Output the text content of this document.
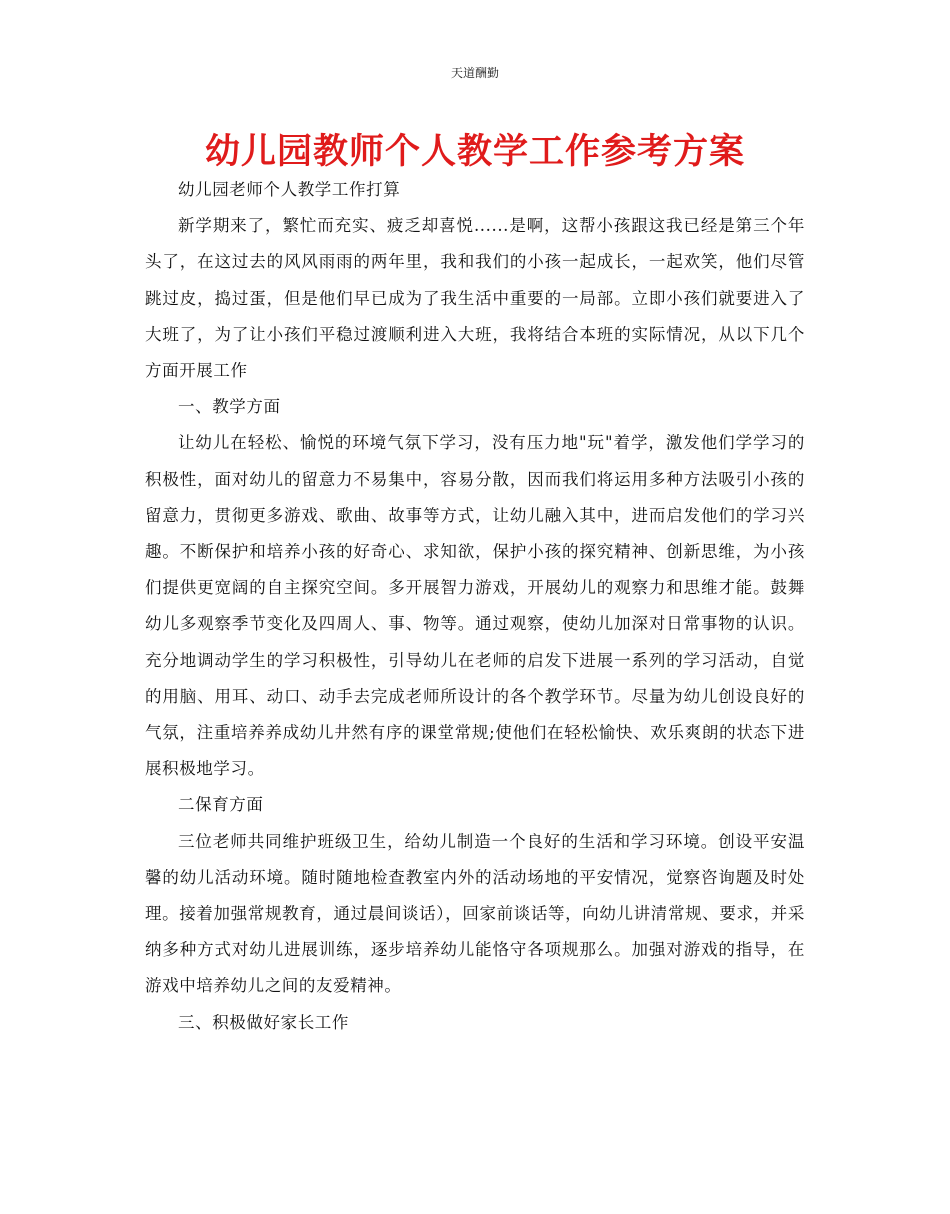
天道酬勤
幼儿园教师个人教学工作参考方案

幼儿园老师个人教学工作打算

新学期来了，繁忙而充实、疲乏却喜悦......是啊，这帮小孩跟这我已经是第三个年头了，在这过去的风风雨雨的两年里，我和我们的小孩一起成长，一起欢笑，他们尽管跳过皮，捣过蛋，但是他们早已成为了我生活中重要的一局部。立即小孩们就要进入了大班了，为了让小孩们平稳过渡顺利进入大班，我将结合本班的实际情况，从以下几个方面开展工作

一、教学方面

让幼儿在轻松、愉悦的环境气氛下学习，没有压力地"玩"着学，激发他们学学习的积极性，面对幼儿的留意力不易集中，容易分散，因而我们将运用多种方法吸引小孩的留意力，贯彻更多游戏、歌曲、故事等方式，让幼儿融入其中，进而启发他们的学习兴趣。不断保护和培养小孩的好奇心、求知欲，保护小孩的探究精神、创新思维，为小孩们提供更宽阔的自主探究空间。多开展智力游戏，开展幼儿的观察力和思维才能。鼓舞幼儿多观察季节变化及四周人、事、物等。通过观察，使幼儿加深对日常事物的认识。充分地调动学生的学习积极性，引导幼儿在老师的启发下进展一系列的学习活动，自觉的用脑、用耳、动口、动手去完成老师所设计的各个教学环节。尽量为幼儿创设良好的气氛，注重培养养成幼儿井然有序的课堂常规;使他们在轻松愉快、欢乐爽朗的状态下进展积极地学习。

二保育方面

三位老师共同维护班级卫生，给幼儿制造一个良好的生活和学习环境。创设平安温馨的幼儿活动环境。随时随地检查教室内外的活动场地的平安情况，觉察咨询题及时处理。接着加强常规教育，通过晨间谈话），回家前谈话等，向幼儿讲清常规、要求，并采纳多种方式对幼儿进展训练，逐步培养幼儿能恪守各项规那么。加强对游戏的指导，在游戏中培养幼儿之间的友爱精神。

三、积极做好家长工作
